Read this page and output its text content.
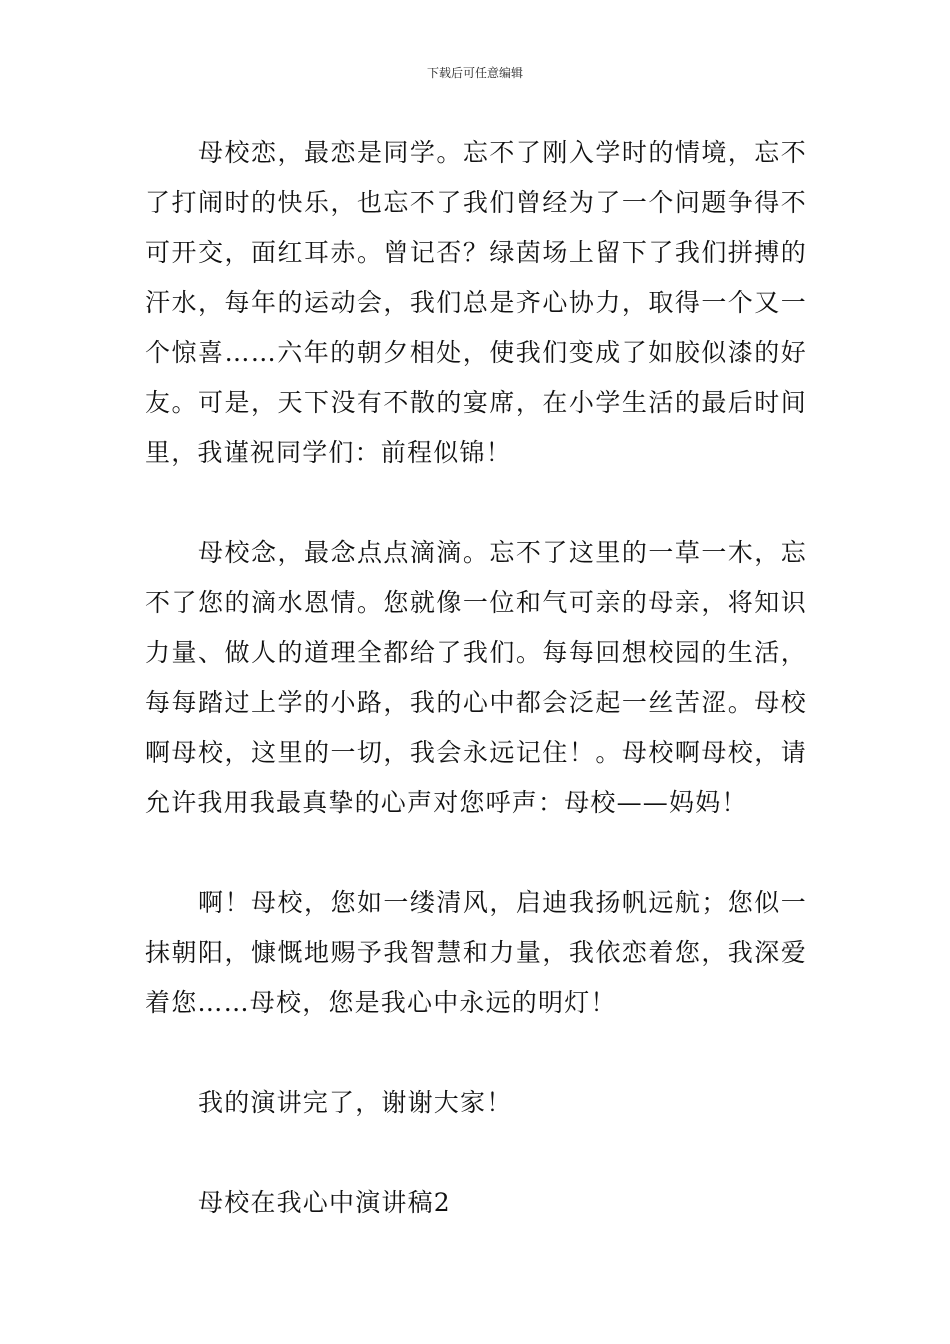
下载后可任意编辑

母校恋，最恋是同学。忘不了刚入学时的情境，忘不了打闹时的快乐，也忘不了我们曾经为了一个问题争得不可开交，面红耳赤。曾记否？绿茵场上留下了我们拼搏的汗水，每年的运动会，我们总是齐心协力，取得一个又一个惊喜……六年的朝夕相处，使我们变成了如胶似漆的好友。可是，天下没有不散的宴席，在小学生活的最后时间里，我谨祝同学们：前程似锦！

母校念，最念点点滴滴。忘不了这里的一草一木，忘不了您的滴水恩情。您就像一位和气可亲的母亲，将知识力量、做人的道理全都给了我们。每每回想校园的生活，每每踏过上学的小路，我的心中都会泛起一丝苦涩。母校啊母校，这里的一切，我会永远记住！。母校啊母校，请允许我用我最真挚的心声对您呼声：母校——妈妈！

啊！母校，您如一缕清风，启迪我扬帆远航；您似一抹朝阳，慷慨地赐予我智慧和力量，我依恋着您，我深爱着您……母校，您是我心中永远的明灯！

我的演讲完了，谢谢大家！

母校在我心中演讲稿2
